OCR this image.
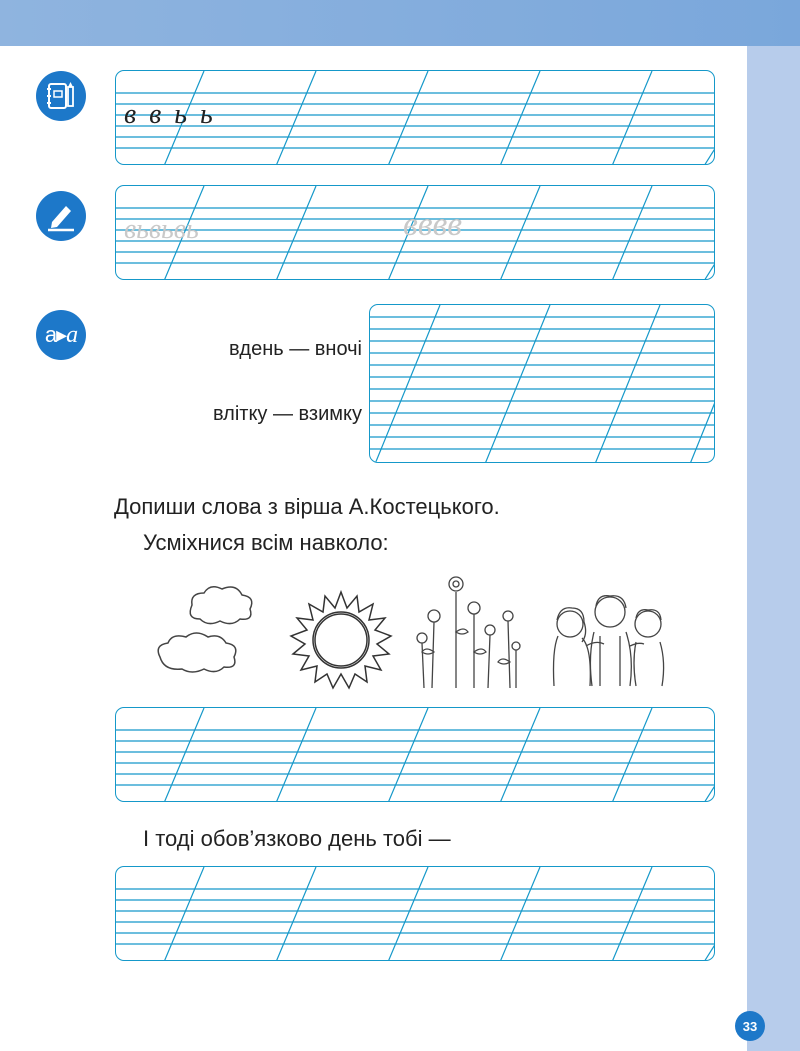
в в ь ь
вьвьвь	вввв
а▸a
вдень — вночі
влітку — взимку
Допиши слова з вірша А.Костецького.
Усміхнися всім навколо:
І тоді обов’язково день тобі —
33
